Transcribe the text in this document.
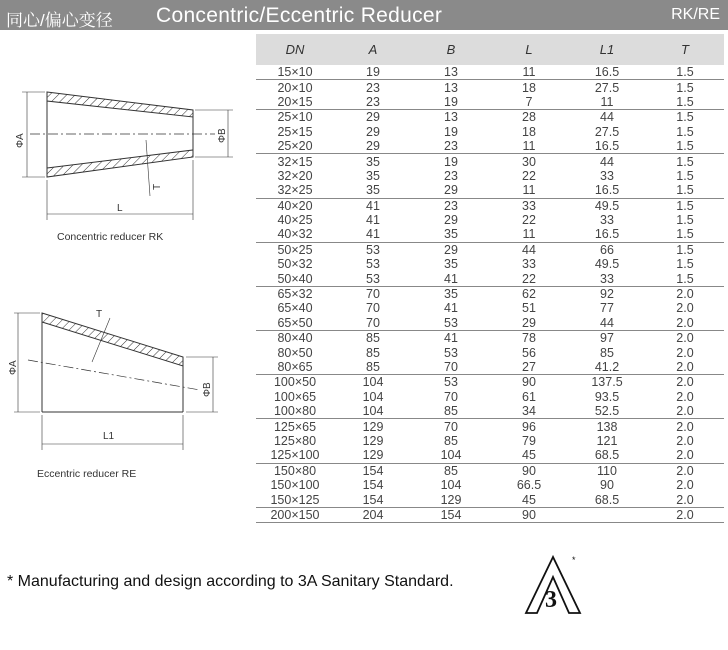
同心/偏心变径 Concentric/Eccentric Reducer	RK/RE
ΦA	ΦB
L
T
Concentric reducer RK
ΦA
ΦB
L1
T
Eccentric reducer RE
DN	A	B	L	L1	T
15×10	19	13	11	16.5	1.5
20×10	23	13	18	27.5	1.5
20×15	23	19	7	11	1.5
25×10	29	13	28	44	1.5
25×15	29	19	18	27.5	1.5
25×20	29	23	11	16.5	1.5
32×15	35	19	30	44	1.5
32×20	35	23	22	33	1.5
32×25	35	29	11	16.5	1.5
40×20	41	23	33	49.5	1.5
40×25	41	29	22	33	1.5
40×32	41	35	11	16.5	1.5
50×25	53	29	44	66	1.5
50×32	53	35	33	49.5	1.5
50×40	53	41	22	33	1.5
65×32	70	35	62	92	2.0
65×40	70	41	51	77	2.0
65×50	70	53	29	44	2.0
80×40	85	41	78	97	2.0
80×50	85	53	56	85	2.0
80×65	85	70	27	41.2	2.0
100×50	104	53	90	137.5	2.0
100×65	104	70	61	93.5	2.0
100×80	104	85	34	52.5	2.0
125×65	129	70	96	138	2.0
125×80	129	85	79	121	2.0
125×100	129	104	45	68.5	2.0
150×80	154	85	90	110	2.0
150×100	154	104	66.5	90	2.0
150×125	154	129	45	68.5	2.0
200×150	204	154	90		2.0
* Manufacturing and design according to 3A Sanitary Standard.
3
*
